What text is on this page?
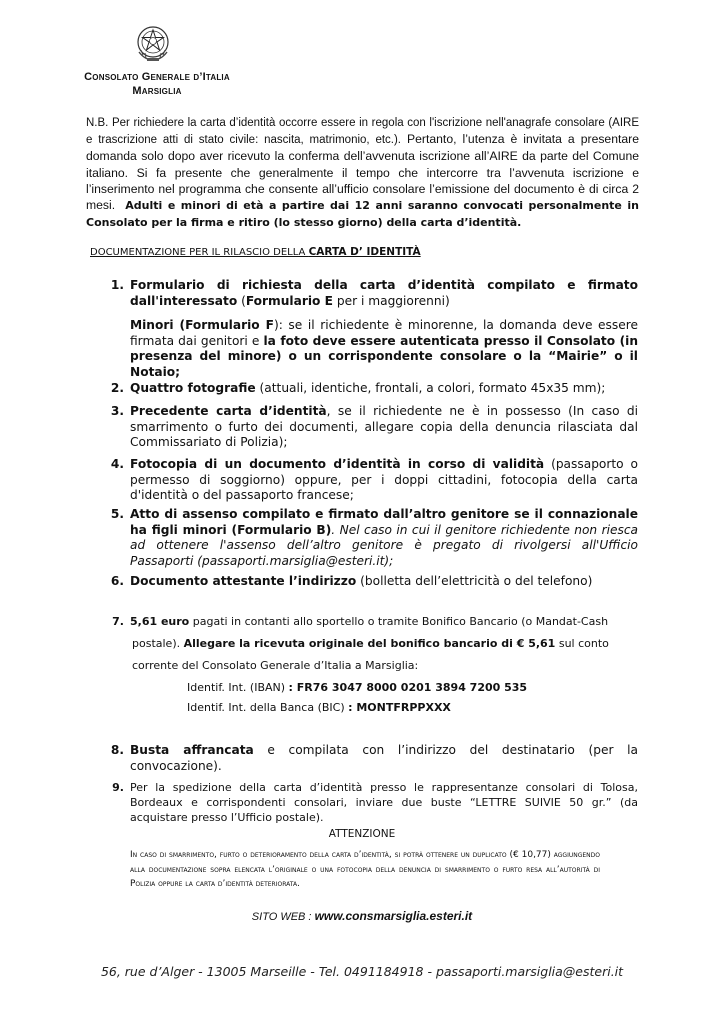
Consolato Generale d’Italia
Marsiglia
N.B. Per richiedere la carta d’identità occorre essere in regola con l'iscrizione nell'anagrafe consolare (AIRE e trascrizione atti di stato civile: nascita, matrimonio, etc.). Pertanto, l’utenza è invitata a presentare domanda solo dopo aver ricevuto la conferma dell’avvenuta iscrizione all’AIRE da parte del Comune italiano. Si fa presente che generalmente il tempo che intercorre tra l’avvenuta iscrizione e l’inserimento nel programma che consente all’ufficio consolare l’emissione del documento è di circa 2 mesi. Adulti e minori di età a partire dai 12 anni saranno convocati personalmente in Consolato per la firma e ritiro (lo stesso giorno) della carta d’identità.
DOCUMENTAZIONE PER IL RILASCIO DELLA CARTA D’ IDENTITÀ
1. Formulario di richiesta della carta d’identità compilato e firmato dall'interessato (Formulario E per i maggiorenni)
Minori (Formulario F): se il richiedente è minorenne, la domanda deve essere firmata dai genitori e la foto deve essere autenticata presso il Consolato (in presenza del minore) o un corrispondente consolare o la “Mairie” o il Notaio;
2. Quattro fotografie (attuali, identiche, frontali, a colori, formato 45x35 mm);
3. Precedente carta d’identità, se il richiedente ne è in possesso (In caso di smarrimento o furto dei documenti, allegare copia della denuncia rilasciata dal Commissariato di Polizia);
4. Fotocopia di un documento d’identità in corso di validità (passaporto o permesso di soggiorno) oppure, per i doppi cittadini, fotocopia della carta d'identità o del passaporto francese;
5. Atto di assenso compilato e firmato dall’altro genitore se il connazionale ha figli minori (Formulario B). Nel caso in cui il genitore richiedente non riesca ad ottenere l'assenso dell’altro genitore è pregato di rivolgersi all'Ufficio Passaporti (passaporti.marsiglia@esteri.it);
6. Documento attestante l’indirizzo (bolletta dell’elettricità o del telefono)
7. 5,61 euro pagati in contanti allo sportello o tramite Bonifico Bancario (o Mandat-Cash
postale). Allegare la ricevuta originale del bonifico bancario di € 5,61 sul conto
corrente del Consolato Generale d’Italia a Marsiglia:
Identif. Int. (IBAN) : FR76 3047 8000 0201 3894 7200 535
Identif. Int. della Banca (BIC) : MONTFRPPXXX
8. Busta affrancata e compilata con l’indirizzo del destinatario (per la convocazione).
9. Per la spedizione della carta d’identità presso le rappresentanze consolari di Tolosa, Bordeaux e corrispondenti consolari, inviare due buste “LETTRE SUIVIE 50 gr.” (da acquistare presso l’Ufficio postale).
ATTENZIONE
In caso di smarrimento, furto o deterioramento della carta d’identità, si potrà ottenere un duplicato (€ 10,77) aggiungendo alla documentazione sopra elencata l’originale o una fotocopia della denuncia di smarrimento o furto resa all’autorità di Polizia oppure la carta d’identità deteriorata.
SITO WEB : www.consmarsiglia.esteri.it
56, rue d’Alger - 13005 Marseille - Tel. 0491184918 - passaporti.marsiglia@esteri.it
